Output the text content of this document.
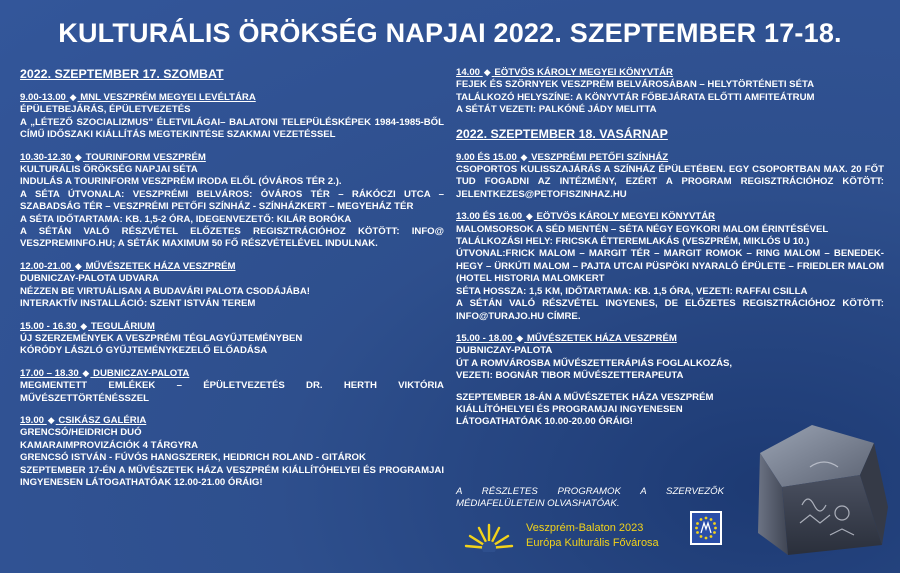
KULTURÁLIS ÖRÖKSÉG NAPJAI 2022. SZEPTEMBER 17-18.
2022. SZEPTEMBER 17. SZOMBAT
9.00-13.00 ◆ MNL VESZPRÉM MEGYEI LEVÉLTÁRA
ÉPÜLETBEJÁRÁS, ÉPÜLETVEZETÉS
A „LÉTEZŐ SZOCIALIZMUS" ÉLETVILÁGAI– BALATONI TELEPÜLÉSKÉPEK 1984-1985-BŐL CÍMŰ IDŐSZAKI KIÁLLÍTÁS MEGTEKINTÉSE SZAKMAI VEZETÉSSEL
10.30-12.30 ◆ TOURINFORM VESZPRÉM
KULTURÁLIS ÖRÖKSÉG NAPJAI SÉTA
INDULÁS A TOURINFORM VESZPRÉM IRODA ELŐL (ÓVÁROS TÉR 2.).
A SÉTA ÚTVONALA: VESZPRÉMI BELVÁROS: ÓVÁROS TÉR – RÁKÓCZI UTCA – SZABADSÁG TÉR – VESZPRÉMI PETŐFI SZÍNHÁZ - SZÍNHÁZKERT – MEGYEHÁZ TÉR
A SÉTA IDŐTARTAMA: KB. 1,5-2 ÓRA, IDEGENVEZETŐ: KILÁR BORÓKA
A SÉTÁN VALÓ RÉSZVÉTEL ELŐZETES REGISZTRÁCIÓHOZ KÖTÖTT: INFO@ VESZPREMINFO.HU; A SÉTÁK MAXIMUM 50 FŐ RÉSZVÉTELÉVEL INDULNAK.
12.00-21.00 ◆ MŰVÉSZETEK HÁZA VESZPRÉM
DUBNICZAY-PALOTA UDVARA
NÉZZEN BE VIRTUÁLISAN A BUDAVÁRI PALOTA CSODÁJÁBA!
INTERAKTÍV INSTALLÁCIÓ: SZENT ISTVÁN TEREM
15.00 - 16.30 ◆ TEGULÁRIUM
ÚJ SZERZEMÉNYEK A VESZPRÉMI TÉGLAGYŰJTEMÉNYBEN
KÓRÓDY LÁSZLÓ GYŰJTEMÉNYKEZELŐ ELŐADÁSA
17.00 – 18.30 ◆ DUBNICZAY-PALOTA
MEGMENTETT EMLÉKEK – ÉPÜLETVEZETÉS DR. HERTH VIKTÓRIA MŰVÉSZETTÖRTÉNÉSSZEL
19.00 ◆ CSIKÁSZ GALÉRIA
GRENCSÓ/HEIDRICH DUÓ
KAMARAIMPROVIZÁCIÓK 4 TÁRGYRA
GRENCSÓ ISTVÁN - FÚVÓS HANGSZEREK, HEIDRICH ROLAND - GITÁROK
SZEPTEMBER 17-ÉN A MŰVÉSZETEK HÁZA VESZPRÉM KIÁLLÍTÓHELYEI ÉS PROGRAMJAI INGYENESEN LÁTOGATHATÓAK 12.00-21.00 ÓRÁIG!
14.00 ◆ EÖTVÖS KÁROLY MEGYEI KÖNYVTÁR
FEJEK ÉS SZÖRNYEK VESZPRÉM BELVÁROSÁBAN – HELYTÖRTÉNETI SÉTA
TALÁLKOZÓ HELYSZÍNE: A KÖNYVTÁR FŐBEJÁRATA ELŐTTI AMFITEÁTRUM
A SÉTÁT VEZETI: PALKÓNÉ JÁDY MELITTA
2022. SZEPTEMBER 18. VASÁRNAP
9.00 ÉS 15.00 ◆ VESZPRÉMI PETŐFI SZÍNHÁZ
CSOPORTOS KULISSZAJÁRÁS A SZÍNHÁZ ÉPÜLETÉBEN. EGY CSOPORTBAN MAX. 20 FŐT TUD FOGADNI AZ INTÉZMÉNY, EZÉRT A PROGRAM REGISZTRÁCIÓHOZ KÖTÖTT: JELENTKEZES@PETOFISZINHAZ.HU
13.00 ÉS 16.00 ◆ EÖTVÖS KÁROLY MEGYEI KÖNYVTÁR
MALOMSORSOK A SÉD MENTÉN – SÉTA NÉGY EGYKORI MALOM ÉRINTÉSÉVEL
TALÁLKOZÁSI HELY: FRICSKA ÉTTEREMLAKÁS (VESZPRÉM, MIKLÓS U 10.)
ÚTVONAL:FRICK MALOM – MARGIT TÉR – MARGIT ROMOK – RING MALOM – BENEDEK-HEGY – ÜRKÚTI MALOM – PAJTA UTCAI PÜSPÖKI NYARALÓ ÉPÜLETE – FRIEDLER MALOM (HOTEL HISTORIA MALOMKERT
SÉTA HOSSZA: 1,5 KM, IDŐTARTAMA: KB. 1,5 ÓRA, VEZETI: RAFFAI CSILLA
A SÉTÁN VALÓ RÉSZVÉTEL INGYENES, DE ELŐZETES REGISZTRÁCIÓHOZ KÖTÖTT: INFO@TURAJO.HU CÍMRE.
15.00 - 18.00 ◆ MŰVÉSZETEK HÁZA VESZPRÉM
DUBNICZAY-PALOTA
ÚT A ROMVÁROSBA MŰVÉSZETTERÁPIÁS FOGLALKOZÁS,
VEZETI: BOGNÁR TIBOR MŰVÉSZETTERAPEUTA
SZEPTEMBER 18-ÁN A MŰVÉSZETEK HÁZA VESZPRÉM
KIÁLLÍTÓHELYEI ÉS PROGRAMJAI INGYENESEN
LÁTOGATHATÓAK 10.00-20.00 ÓRÁIG!
A RÉSZLETES PROGRAMOK A SZERVEZŐK MÉDIAFELÜLETEIN OLVASHATÓAK.
Veszprém-Balaton 2023
Európa Kulturális Fővárosa
